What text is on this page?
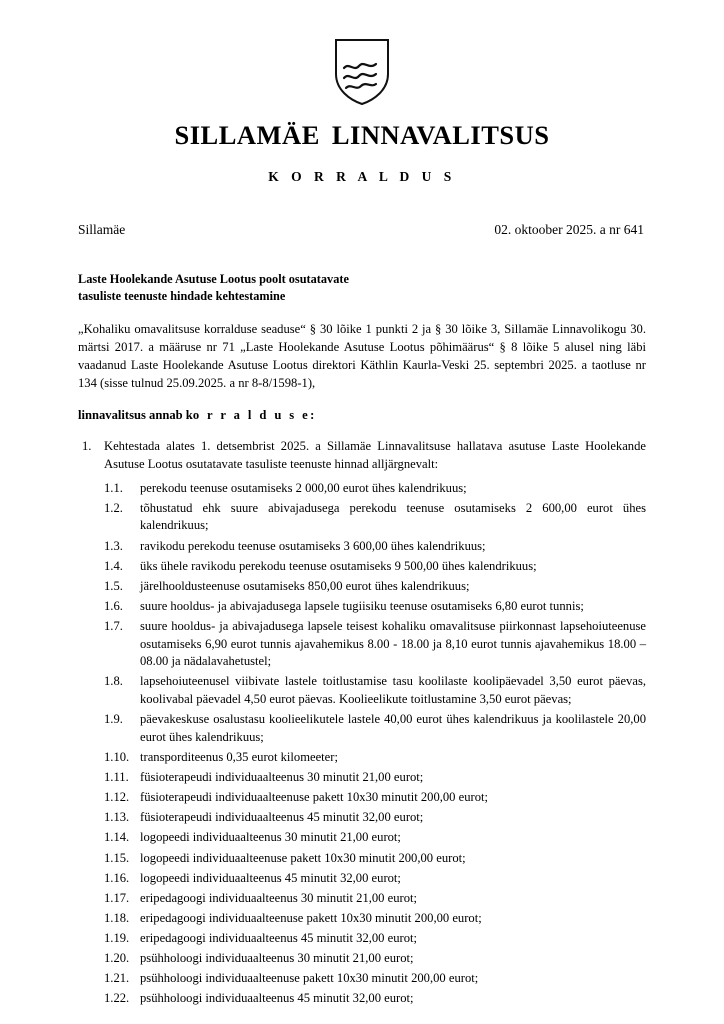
SILLAMÄE LINNAVALITSUS
K O R R A L D U S
Sillamäe	02. oktoober 2025. a nr 641
Laste Hoolekande Asutuse Lootus poolt osutatavate
tasuliste teenuste hindade kehtestamine
„Kohaliku omavalitsuse korralduse seaduse“ § 30 lõike 1 punkti 2 ja § 30 lõike 3, Sillamäe Linnavolikogu 30. märtsi 2017. a määruse nr 71 „Laste Hoolekande Asutuse Lootus põhimäärus“ § 8 lõike 5 alusel ning läbi vaadanud Laste Hoolekande Asutuse Lootus direktori Käthlin Kaurla-Veski 25. septembri 2025. a taotluse nr 134 (sisse tulnud 25.09.2025. a nr 8-8/1598-1),
linnavalitsus annab ko r r a l d u s e:
1. Kehtestada alates 1. detsembrist 2025. a Sillamäe Linnavalitsuse hallatava asutuse Laste Hoolekande Asutuse Lootus osutatavate tasuliste teenuste hinnad alljärgnevalt:
1.1.	perekodu teenuse osutamiseks 2 000,00 eurot ühes kalendrikuus;
1.2.	tõhustatud ehk suure abivajadusega perekodu teenuse osutamiseks 2 600,00 eurot ühes kalendrikuus;
1.3.	ravikodu perekodu teenuse osutamiseks 3 600,00 ühes kalendrikuus;
1.4.	üks ühele ravikodu perekodu teenuse osutamiseks 9 500,00 ühes kalendrikuus;
1.5.	järelhooldusteenuse osutamiseks 850,00 eurot ühes kalendrikuus;
1.6.	suure hooldus- ja abivajadusega lapsele tugiisiku teenuse osutamiseks 6,80 eurot tunnis;
1.7.	suure hooldus- ja abivajadusega lapsele teisest kohaliku omavalitsuse piirkonnast lapsehoiuteenuse osutamiseks 6,90 eurot tunnis ajavahemikus 8.00 - 18.00 ja 8,10 eurot tunnis ajavahemikus 18.00 – 08.00 ja nädalavahetustel;
1.8.	lapsehoiuteenusel viibivate lastele toitlustamise tasu koolilaste koolipäevadel 3,50 eurot päevas, koolivabal päevadel 4,50 eurot päevas. Koolieelikute toitlustamine 3,50 eurot päevas;
1.9.	päevakeskuse osalustasu koolieelikutele lastele 40,00 eurot ühes kalendrikuus ja koolilastele 20,00 eurot ühes kalendrikuus;
1.10. transporditeenus 0,35 eurot kilomeeter;
1.11. füsioterapeudi individuaalteenus 30 minutit 21,00 eurot;
1.12. füsioterapeudi individuaalteenuse pakett 10x30 minutit 200,00 eurot;
1.13. füsioterapeudi individuaalteenus 45 minutit 32,00 eurot;
1.14. logopeedi individuaalteenus 30 minutit 21,00 eurot;
1.15. logopeedi individuaalteenuse pakett 10x30 minutit 200,00 eurot;
1.16. logopeedi individuaalteenus 45 minutit 32,00 eurot;
1.17. eripedagoogi individuaalteenus 30 minutit 21,00 eurot;
1.18. eripedagoogi individuaalteenuse pakett 10x30 minutit 200,00 eurot;
1.19. eripedagoogi individuaalteenus 45 minutit 32,00 eurot;
1.20. psühholoogi individuaalteenus 30 minutit 21,00 eurot;
1.21. psühholoogi individuaalteenuse pakett 10x30 minutit 200,00 eurot;
1.22. psühholoogi individuaalteenus 45 minutit 32,00 eurot;
